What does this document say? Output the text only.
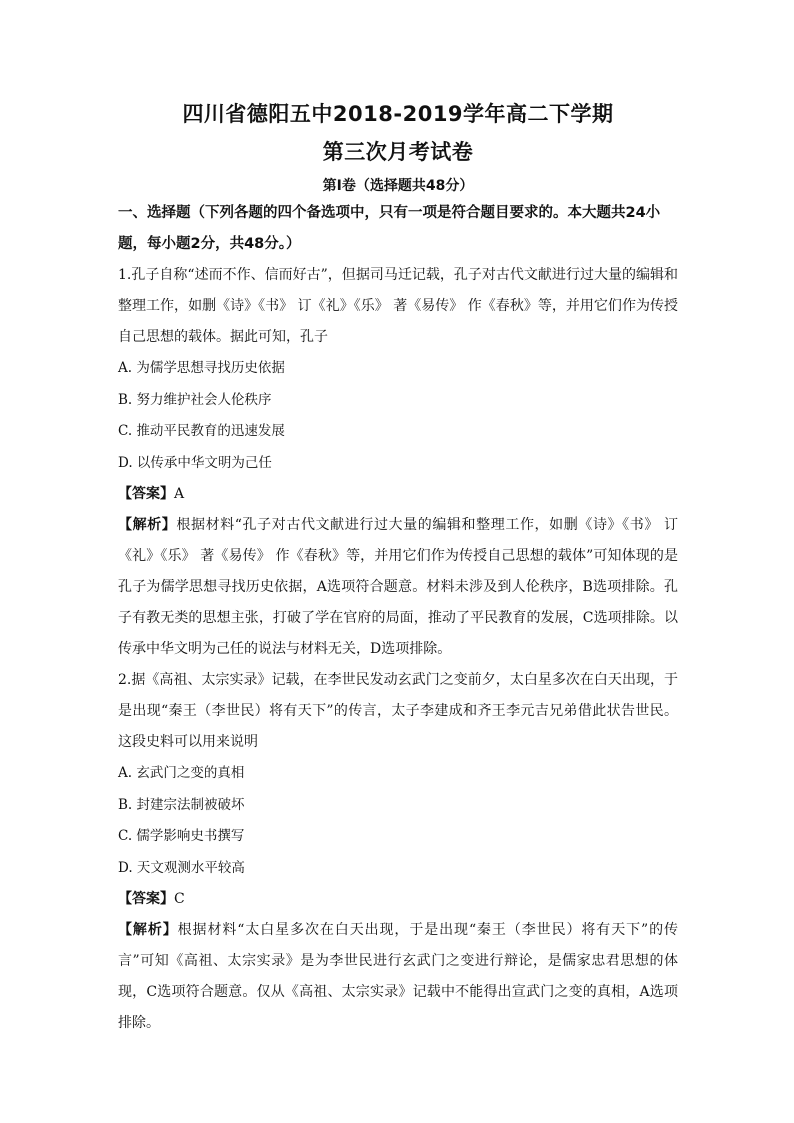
四川省德阳五中2018-2019学年高二下学期
第三次月考试卷
第Ⅰ卷（选择题共48分）
一、选择题（下列各题的四个备选项中，只有一项是符合题目要求的。本大题共24小题，每小题2分，共48分。）

1.孔子自称“述而不作、信而好古”，但据司马迁记载，孔子对古代文献进行过大量的编辑和整理工作，如删《诗》《书》 订《礼》《乐》 著《易传》 作《春秋》等，并用它们作为传授自己思想的载体。据此可知，孔子

A. 为儒学思想寻找历史依据

B. 努力维护社会人伦秩序

C. 推动平民教育的迅速发展

D. 以传承中华文明为己任

【答案】A

【解析】根据材料“孔子对古代文献进行过大量的编辑和整理工作，如删《诗》《书》 订《礼》《乐》 著《易传》 作《春秋》等，并用它们作为传授自己思想的载体”可知体现的是孔子为儒学思想寻找历史依据，A选项符合题意。材料未涉及到人伦秩序，B选项排除。孔子有教无类的思想主张，打破了学在官府的局面，推动了平民教育的发展，C选项排除。以传承中华文明为己任的说法与材料无关，D选项排除。

2.据《高祖、太宗实录》记载，在李世民发动玄武门之变前夕，太白星多次在白天出现，于是出现“秦王（李世民）将有天下”的传言，太子李建成和齐王李元吉兄弟借此状告世民。这段史料可以用来说明

A. 玄武门之变的真相

B. 封建宗法制被破坏

C. 儒学影响史书撰写

D. 天文观测水平较高

【答案】C

【解析】根据材料“太白星多次在白天出现，于是出现“秦王（李世民）将有天下”的传言”可知《高祖、太宗实录》是为李世民进行玄武门之变进行辩论，是儒家忠君思想的体现，C选项符合题意。仅从《高祖、太宗实录》记载中不能得出宣武门之变的真相，A选项排除。
